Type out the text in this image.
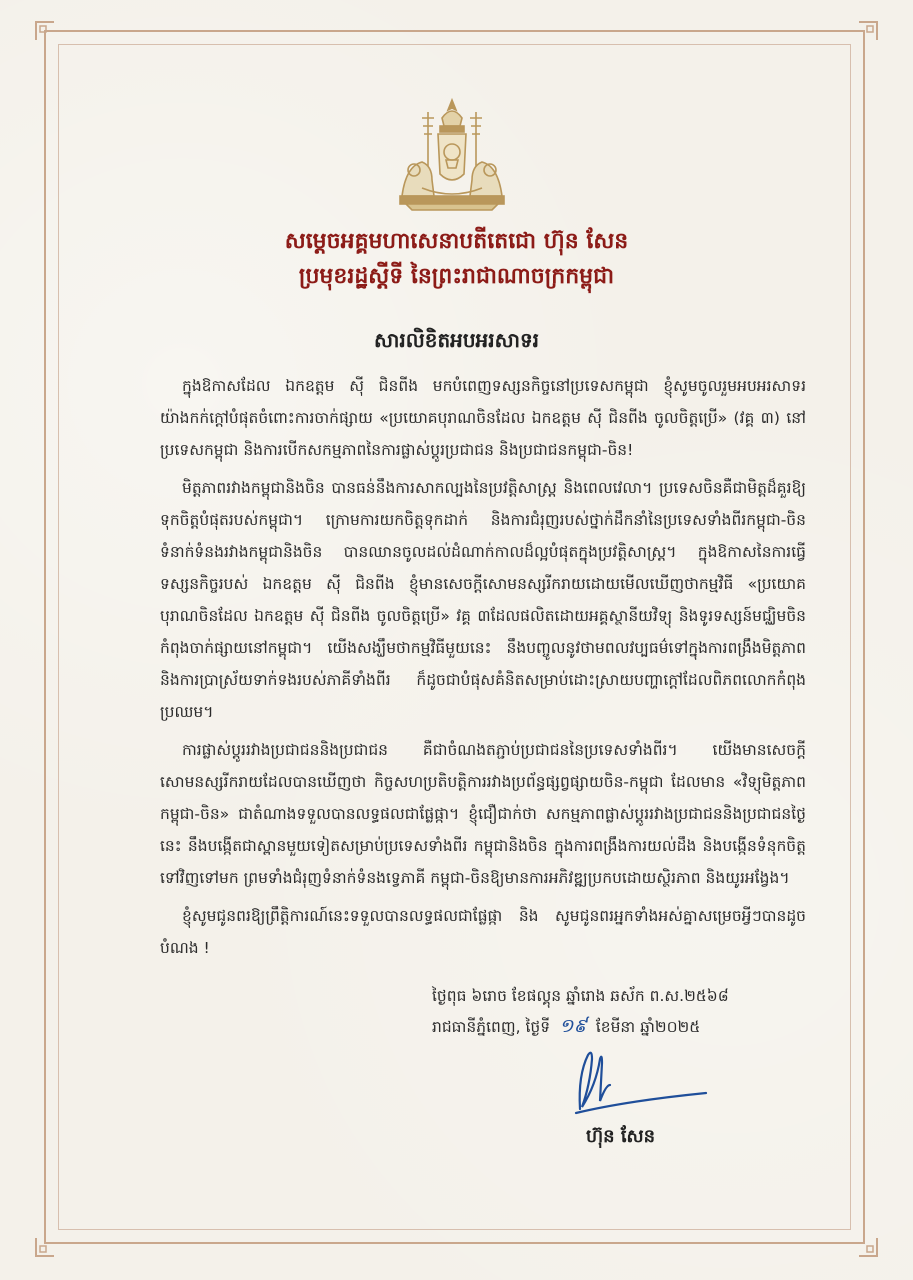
សម្ដេចអគ្គមហាសេនាបតីតេជោ ហ៊ុន សែន
ប្រមុខរដ្ឋស្ដីទី នៃព្រះរាជាណាចក្រកម្ពុជា
សារលិខិតអបអរសាទរ

ក្នុងឱកាសដែល ឯកឧត្ដម ស៊ី ជិនពីង មកបំពេញទស្សនកិច្ចនៅប្រទេសកម្ពុជា ខ្ញុំសូមចូលរួមអបអរសាទរយ៉ាងកក់ក្ដៅបំផុតចំពោះការចាក់ផ្សាយ «ប្រយោគបុរាណចិនដែល ឯកឧត្ដម ស៊ី ជិនពីង ចូលចិត្តប្រើ» (វគ្គ ៣) នៅប្រទេសកម្ពុជា និងការបើកសកម្មភាពនៃការផ្លាស់ប្តូរប្រជាជន និងប្រជាជនកម្ពុជា-ចិន!

មិត្តភាពរវាងកម្ពុជានិងចិន បានធន់នឹងការសាកល្បងនៃប្រវត្តិសាស្ត្រ និងពេលវេលា។ ប្រទេសចិនគឺជាមិត្តដ៏គួរឱ្យទុកចិត្តបំផុតរបស់កម្ពុជា។ ក្រោមការយកចិត្តទុកដាក់ និងការជំរុញរបស់ថ្នាក់ដឹកនាំនៃប្រទេសទាំងពីរកម្ពុជា-ចិន ទំនាក់ទំនងរវាងកម្ពុជានិងចិន បានឈានចូលដល់ដំណាក់កាលដ៏ល្អបំផុតក្នុងប្រវត្តិសាស្ត្រ។ ក្នុងឱកាសនៃការធ្វើទស្សនកិច្ចរបស់ ឯកឧត្ដម ស៊ី ជិនពីង ខ្ញុំមានសេចក្ដីសោមនស្សរីករាយដោយមើលឃើញថាកម្មវិធី «ប្រយោគបុរាណចិនដែល ឯកឧត្ដម ស៊ី ជិនពីង ចូលចិត្តប្រើ» វគ្គ ៣ដែលផលិតដោយអគ្គស្ថានីយវិទ្យុ និងទូរទស្សន៍មជ្ឈិមចិន កំពុងចាក់ផ្សាយនៅកម្ពុជា។ យើងសង្ឃឹមថាកម្មវិធីមួយនេះ នឹងបញ្ចូលនូវថាមពលវប្បធម៌ទៅក្នុងការពង្រឹងមិត្តភាព និងការប្រាស្រ័យទាក់ទងរបស់ភាគីទាំងពីរ ក៏ដូចជាបំផុសគំនិតសម្រាប់ដោះស្រាយបញ្ហាក្ដៅដែលពិភពលោកកំពុងប្រឈម។

ការផ្លាស់ប្ដូររវាងប្រជាជននិងប្រជាជន គឺជាចំណងតភ្ជាប់ប្រជាជននៃប្រទេសទាំងពីរ។ យើងមានសេចក្ដីសោមនស្សរីករាយដែលបានឃើញថា កិច្ចសហប្រតិបត្តិការរវាងប្រព័ន្ធផ្សព្វផ្សាយចិន-កម្ពុជា ដែលមាន «វិទ្យុមិត្តភាពកម្ពុជា-ចិន» ជាតំណាងទទួលបានលទ្ធផលជាផ្លែផ្កា។ ខ្ញុំជឿជាក់ថា សកម្មភាពផ្លាស់ប្ដូររវាងប្រជាជននិងប្រជាជនថ្ងៃនេះ នឹងបង្កើតជាស្ពានមួយទៀតសម្រាប់ប្រទេសទាំងពីរ កម្ពុជានិងចិន ក្នុងការពង្រឹងការយល់ដឹង និងបង្កើនទំនុកចិត្តទៅវិញទៅមក ព្រមទាំងជំរុញទំនាក់ទំនងទ្វេភាគី កម្ពុជា-ចិនឱ្យមានការអភិវឌ្ឍប្រកបដោយស្ថិរភាព និងយូរអង្វែង។

ខ្ញុំសូមជូនពរឱ្យព្រឹត្តិការណ៍នេះទទួលបានលទ្ធផលជាផ្លែផ្កា និង សូមជូនពរអ្នកទាំងអស់គ្នាសម្រេចអ្វីៗបានដូចបំណង !

ថ្ងៃពុធ ៦រោច ខែផល្គុន ឆ្នាំរោង ឆស័ក ព.ស.២៥៦៨
រាជធានីភ្នំពេញ, ថ្ងៃទី ១៩ ខែមីនា ឆ្នាំ២០២៥
ហ៊ុន សែន
